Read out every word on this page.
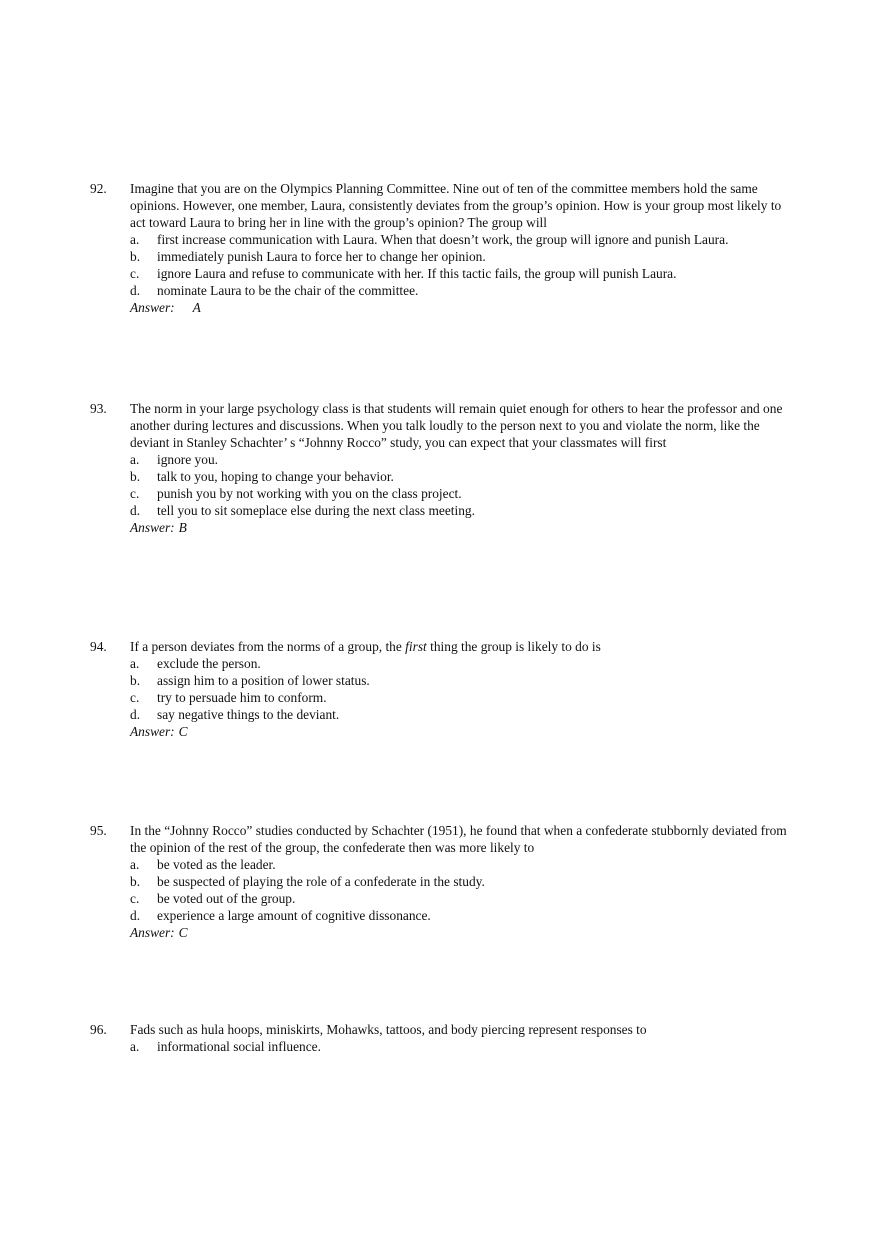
92.	Imagine that you are on the Olympics Planning Committee. Nine out of ten of the committee members hold the same opinions. However, one member, Laura, consistently deviates from the group’s opinion. How is your group most likely to act toward Laura to bring her in line with the group’s opinion? The group will
a.	first increase communication with Laura. When that doesn’t work, the group will ignore and punish Laura.
b.	immediately punish Laura to force her to change her opinion.
c.	ignore Laura and refuse to communicate with her. If this tactic fails, the group will punish Laura.
d.	nominate Laura to be the chair of the committee.
Answer: A
93.	The norm in your large psychology class is that students will remain quiet enough for others to hear the professor and one another during lectures and discussions. When you talk loudly to the person next to you and violate the norm, like the deviant in Stanley Schachter’ s “Johnny Rocco” study, you can expect that your classmates will first
a.	ignore you.
b.	talk to you, hoping to change your behavior.
c.	punish you by not working with you on the class project.
d.	tell you to sit someplace else during the next class meeting.
Answer: B
94.	If a person deviates from the norms of a group, the first thing the group is likely to do is
a.	exclude the person.
b.	assign him to a position of lower status.
c.	try to persuade him to conform.
d.	say negative things to the deviant.
Answer: C
95.	In the “Johnny Rocco” studies conducted by Schachter (1951), he found that when a confederate stubbornly deviated from the opinion of the rest of the group, the confederate then was more likely to
a.	be voted as the leader.
b.	be suspected of playing the role of a confederate in the study.
c.	be voted out of the group.
d.	experience a large amount of cognitive dissonance.
Answer: C
96.	Fads such as hula hoops, miniskirts, Mohawks, tattoos, and body piercing represent responses to
a.	informational social influence.
